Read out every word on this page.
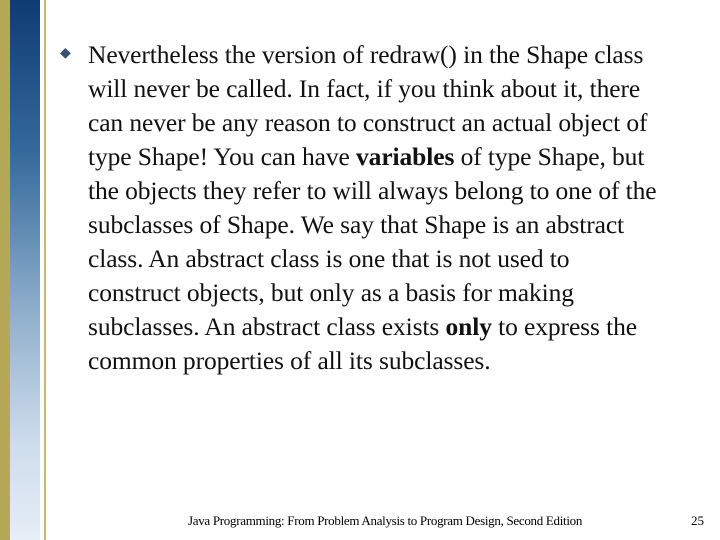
◆ Nevertheless the version of redraw() in the Shape class will never be called. In fact, if you think about it, there can never be any reason to construct an actual object of type Shape! You can have variables of type Shape, but the objects they refer to will always belong to one of the subclasses of Shape. We say that Shape is an abstract class. An abstract class is one that is not used to construct objects, but only as a basis for making subclasses. An abstract class exists only to express the common properties of all its subclasses.

Java Programming: From Problem Analysis to Program Design, Second Edition	25
